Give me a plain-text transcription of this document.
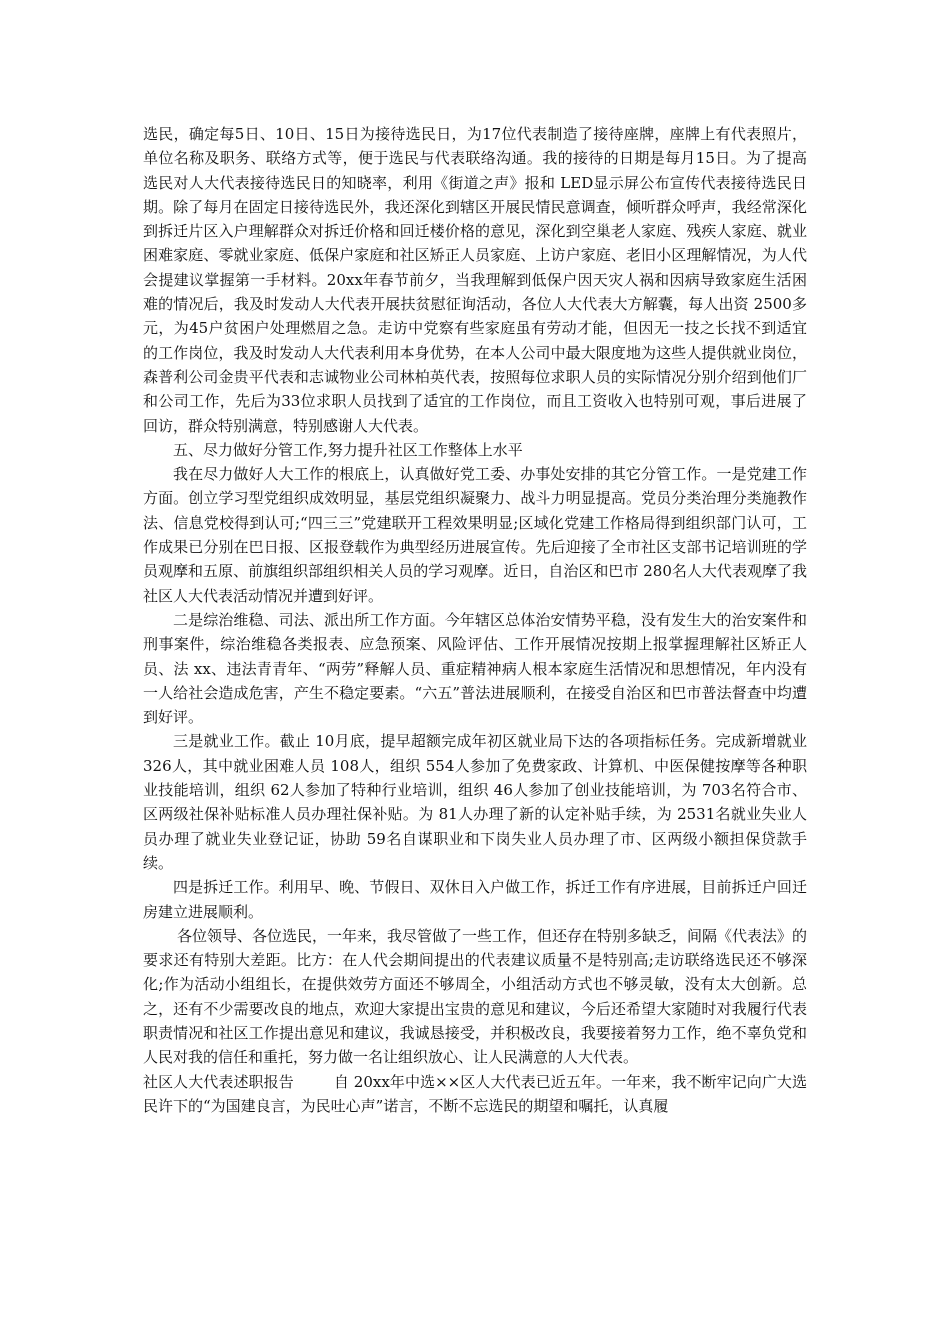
选民，确定每5日、10日、15日为接待选民日，为17位代表制造了接待座牌，座牌上有代表照片，单位名称及职务、联络方式等，便于选民与代表联络沟通。我的接待的日期是每月15日。为了提高选民对人大代表接待选民日的知晓率，利用《街道之声》报和 LED显示屏公布宣传代表接待选民日期。除了每月在固定日接待选民外，我还深化到辖区开展民情民意调查，倾听群众呼声，我经常深化到拆迁片区入户理解群众对拆迁价格和回迁楼价格的意见，深化到空巢老人家庭、残疾人家庭、就业困难家庭、零就业家庭、低保户家庭和社区矫正人员家庭、上访户家庭、老旧小区理解情况，为人代会提建议掌握第一手材料。20xx年春节前夕，当我理解到低保户因天灾人祸和因病导致家庭生活困难的情况后，我及时发动人大代表开展扶贫慰征询活动，各位人大代表大方解囊，每人出资 2500多元，为45户贫困户处理燃眉之急。走访中党察有些家庭虽有劳动才能，但因无一技之长找不到适宜的工作岗位，我及时发动人大代表利用本身优势，在本人公司中最大限度地为这些人提供就业岗位，森普利公司金贵平代表和志诚物业公司林柏英代表，按照每位求职人员的实际情况分别介绍到他们厂和公司工作，先后为33位求职人员找到了适宜的工作岗位，而且工资收入也特别可观，事后进展了回访，群众特别满意，特别感谢人大代表。

五、尽力做好分管工作,努力提升社区工作整体上水平

我在尽力做好人大工作的根底上，认真做好党工委、办事处安排的其它分管工作。一是党建工作方面。创立学习型党组织成效明显，基层党组织凝聚力、战斗力明显提高。党员分类治理分类施教作法、信息党校得到认可;“四三三”党建联开工程效果明显;区域化党建工作格局得到组织部门认可，工作成果已分别在巴日报、区报登载作为典型经历进展宣传。先后迎接了全市社区支部书记培训班的学员观摩和五原、前旗组织部组织相关人员的学习观摩。近日，自治区和巴市 280名人大代表观摩了我社区人大代表活动情况并遭到好评。

二是综治维稳、司法、派出所工作方面。今年辖区总体治安情势平稳，没有发生大的治安案件和刑事案件，综治维稳各类报表、应急预案、风险评估、工作开展情况按期上报掌握理解社区矫正人员、法 xx、违法青青年、“两劳”释解人员、重症精神病人根本家庭生活情况和思想情况，年内没有一人给社会造成危害，产生不稳定要素。“六五”普法进展顺利，在接受自治区和巴市普法督查中均遭到好评。

三是就业工作。截止 10月底，提早超额完成年初区就业局下达的各项指标任务。完成新增就业 326人，其中就业困难人员 108人，组织 554人参加了免费家政、计算机、中医保健按摩等各种职业技能培训，组织 62人参加了特种行业培训，组织 46人参加了创业技能培训，为 703名符合市、区两级社保补贴标准人员办理社保补贴。为 81人办理了新的认定补贴手续，为 2531名就业失业人员办理了就业失业登记证，协助 59名自谋职业和下岗失业人员办理了市、区两级小额担保贷款手续。

四是拆迁工作。利用早、晚、节假日、双休日入户做工作，拆迁工作有序进展，目前拆迁户回迁房建立进展顺利。

各位领导、各位选民，一年来，我尽管做了一些工作，但还存在特别多缺乏，间隔《代表法》的要求还有特别大差距。比方：在人代会期间提出的代表建议质量不是特别高;走访联络选民还不够深化;作为活动小组组长，在提供效劳方面还不够周全，小组活动方式也不够灵敏，没有太大创新。总之，还有不少需要改良的地点，欢迎大家提出宝贵的意见和建议，今后还希望大家随时对我履行代表职责情况和社区工作提出意见和建议，我诚恳接受，并积极改良，我要接着努力工作，绝不辜负党和人民对我的信任和重托，努力做一名让组织放心、让人民满意的人大代表。

社区人大代表述职报告	自 20xx年中选××区人大代表已近五年。一年来，我不断牢记向广大选民许下的“为国建良言，为民吐心声”诺言，不断不忘选民的期望和嘱托，认真履
